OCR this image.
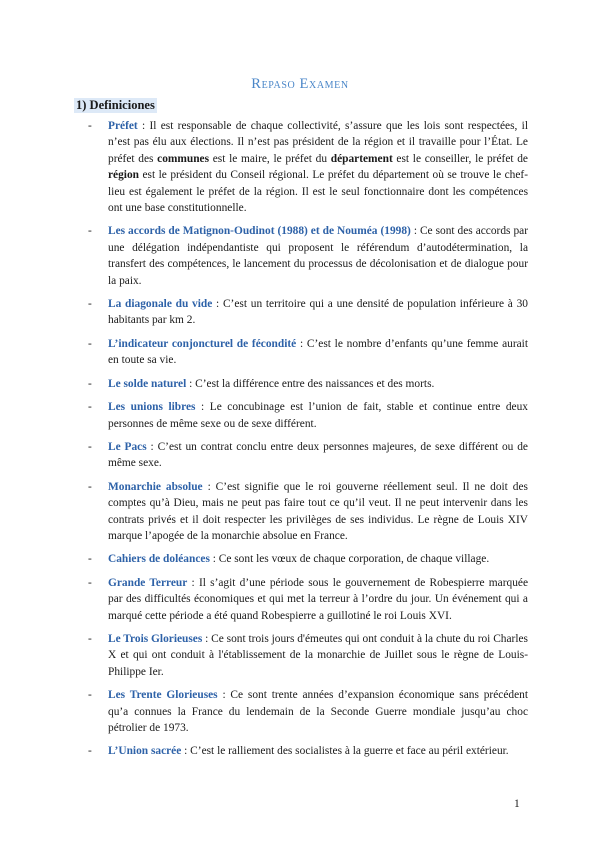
Repaso Examen
1) Definiciones
- Préfet : Il est responsable de chaque collectivité, s’assure que les lois sont respectées, il n’est pas élu aux élections. Il n’est pas président de la région et il travaille pour l’État. Le préfet des communes est le maire, le préfet du département est le conseiller, le préfet de région est le président du Conseil régional. Le préfet du département où se trouve le chef-lieu est également le préfet de la région. Il est le seul fonctionnaire dont les compétences ont une base constitutionnelle.
- Les accords de Matignon-Oudinot (1988) et de Nouméa (1998) : Ce sont des accords par une délégation indépendantiste qui proposent le référendum d’autodétermination, la transfert des compétences, le lancement du processus de décolonisation et de dialogue pour la paix.
- La diagonale du vide : C’est un territoire qui a une densité de population inférieure à 30 habitants par km 2.
- L’indicateur conjoncturel de fécondité : C’est le nombre d’enfants qu’une femme aurait en toute sa vie.
- Le solde naturel : C’est la différence entre des naissances et des morts.
- Les unions libres : Le concubinage est l’union de fait, stable et continue entre deux personnes de même sexe ou de sexe différent.
- Le Pacs : C’est un contrat conclu entre deux personnes majeures, de sexe différent ou de même sexe.
- Monarchie absolue : C’est signifie que le roi gouverne réellement seul. Il ne doit des comptes qu’à Dieu, mais ne peut pas faire tout ce qu’il veut. Il ne peut intervenir dans les contrats privés et il doit respecter les privilèges de ses individus. Le règne de Louis XIV marque l’apogée de la monarchie absolue en France.
- Cahiers de doléances : Ce sont les vœux de chaque corporation, de chaque village.
- Grande Terreur : Il s’agit d’une période sous le gouvernement de Robespierre marquée par des difficultés économiques et qui met la terreur à l’ordre du jour. Un événement qui a marqué cette période a été quand Robespierre a guillotiné le roi Louis XVI.
- Le Trois Glorieuses : Ce sont trois jours d'émeutes qui ont conduit à la chute du roi Charles X et qui ont conduit à l'établissement de la monarchie de Juillet sous le règne de Louis-Philippe Ier.
- Les Trente Glorieuses : Ce sont trente années d’expansion économique sans précédent qu’a connues la France du lendemain de la Seconde Guerre mondiale jusqu’au choc pétrolier de 1973.
- L’Union sacrée : C’est le ralliement des socialistes à la guerre et face au péril extérieur.
1
